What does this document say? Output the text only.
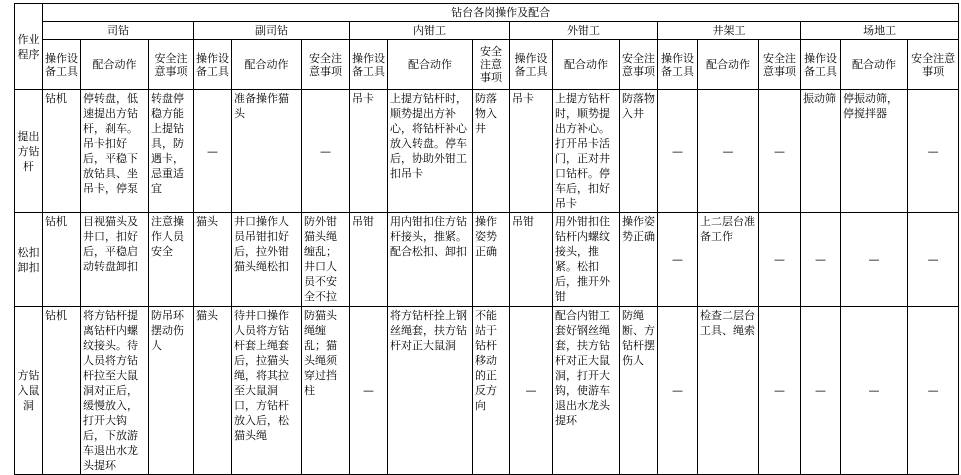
作业程序	钻台各岗操作及配合																	
	司钻			副司钻			内钳工			外钳工			井架工			场地工		
	操作设备工具	配合动作	安全注意事项	操作设备工具	配合动作	安全注意事项	操作设备工具	配合动作	安全注意事项	操作设备工具	配合动作	安全注意事项	操作设备工具	配合动作	安全注意事项	操作设备工具	配合动作	安全注意事项
提出方钻杆	钻机	停转盘，低速提出方钻杆，刹车。吊卡扣好后，平稳下放钻具、坐吊卡，停泵	转盘停稳方能上提钻具，防遇卡，忌重适宜	—	准备操作猫头	—	吊卡	上提方钻杆时，顺势提出方补心，将钻杆补心放入转盘。停车后，协助外钳工扣吊卡	防落物入井	吊卡	上提方钻杆时，顺势提出方补心。打开吊卡活门，正对井口钻杆。停车后，扣好吊卡	防落物入井	—	—	—	振动筛	停振动筛，停搅拌器	—
松扣卸扣	钻机	目视猫头及井口，扣好后，平稳启动转盘卸扣	注意操作人员安全	猫头	井口操作人员吊钳扣好后，拉外钳猫头绳松扣	防外钳猫头绳缠乱；井口人员不安全不拉	吊钳	用内钳扣住方钻杆接头，推紧。配合松扣、卸扣	操作姿势正确	吊钳	用外钳扣住钻杆内螺纹接头，推紧。松扣后，推开外钳	操作姿势正确	—	上二层台准备工作	—	—	—	—
方钻入鼠洞	钻机	将方钻杆提离钻杆内螺纹接头。待人员将方钻杆拉至大鼠洞对正后，缓慢放入，打开大钩后，下放游车退出水龙头提环	防吊环摆动伤人	猫头	待井口操作人员将方钻杆套上绳套后，拉猫头绳，将其拉至大鼠洞口，方钻杆放入后，松猫头绳	防猫头绳缠乱；猫头绳须穿过挡柱	—	将方钻杆拴上钢丝绳套，扶方钻杆对正大鼠洞	不能站于钻杆移动的正反方向	—	配合内钳工套好钢丝绳套，扶方钻杆对正大鼠洞，打开大钩，使游车退出水龙头提环	防绳断、方钻杆摆伤人	—	检查二层台工具、绳索	—	—	—	—
